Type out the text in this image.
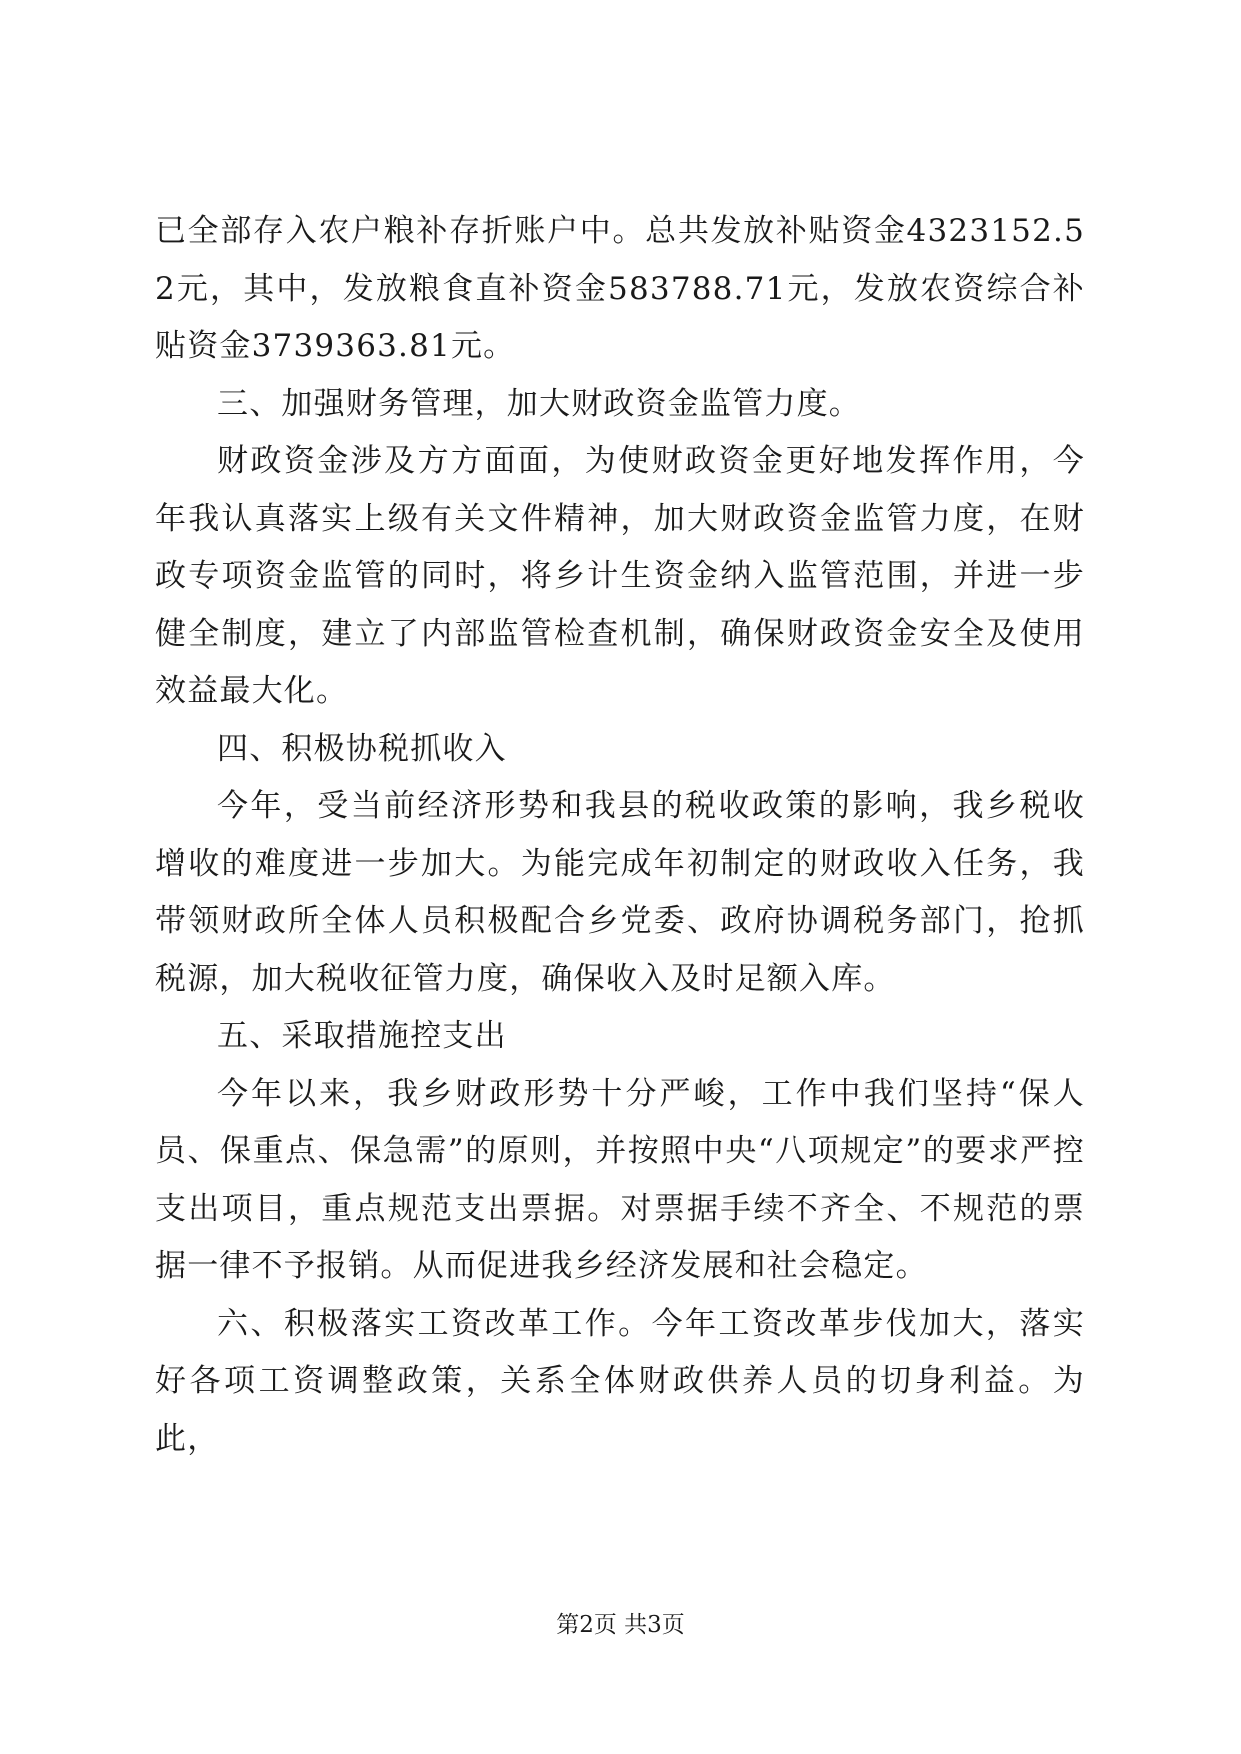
已全部存入农户粮补存折账户中。总共发放补贴资金4323152.52元，其中，发放粮食直补资金583788.71元，发放农资综合补贴资金3739363.81元。

三、加强财务管理，加大财政资金监管力度。

财政资金涉及方方面面，为使财政资金更好地发挥作用，今年我认真落实上级有关文件精神，加大财政资金监管力度，在财政专项资金监管的同时，将乡计生资金纳入监管范围，并进一步健全制度，建立了内部监管检查机制，确保财政资金安全及使用效益最大化。

四、积极协税抓收入

今年，受当前经济形势和我县的税收政策的影响，我乡税收增收的难度进一步加大。为能完成年初制定的财政收入任务，我带领财政所全体人员积极配合乡党委、政府协调税务部门，抢抓税源，加大税收征管力度，确保收入及时足额入库。

五、采取措施控支出

今年以来，我乡财政形势十分严峻，工作中我们坚持“保人员、保重点、保急需”的原则，并按照中央“八项规定”的要求严控支出项目，重点规范支出票据。对票据手续不齐全、不规范的票据一律不予报销。从而促进我乡经济发展和社会稳定。

六、积极落实工资改革工作。今年工资改革步伐加大，落实好各项工资调整政策，关系全体财政供养人员的切身利益。为此，

第2页 共3页
